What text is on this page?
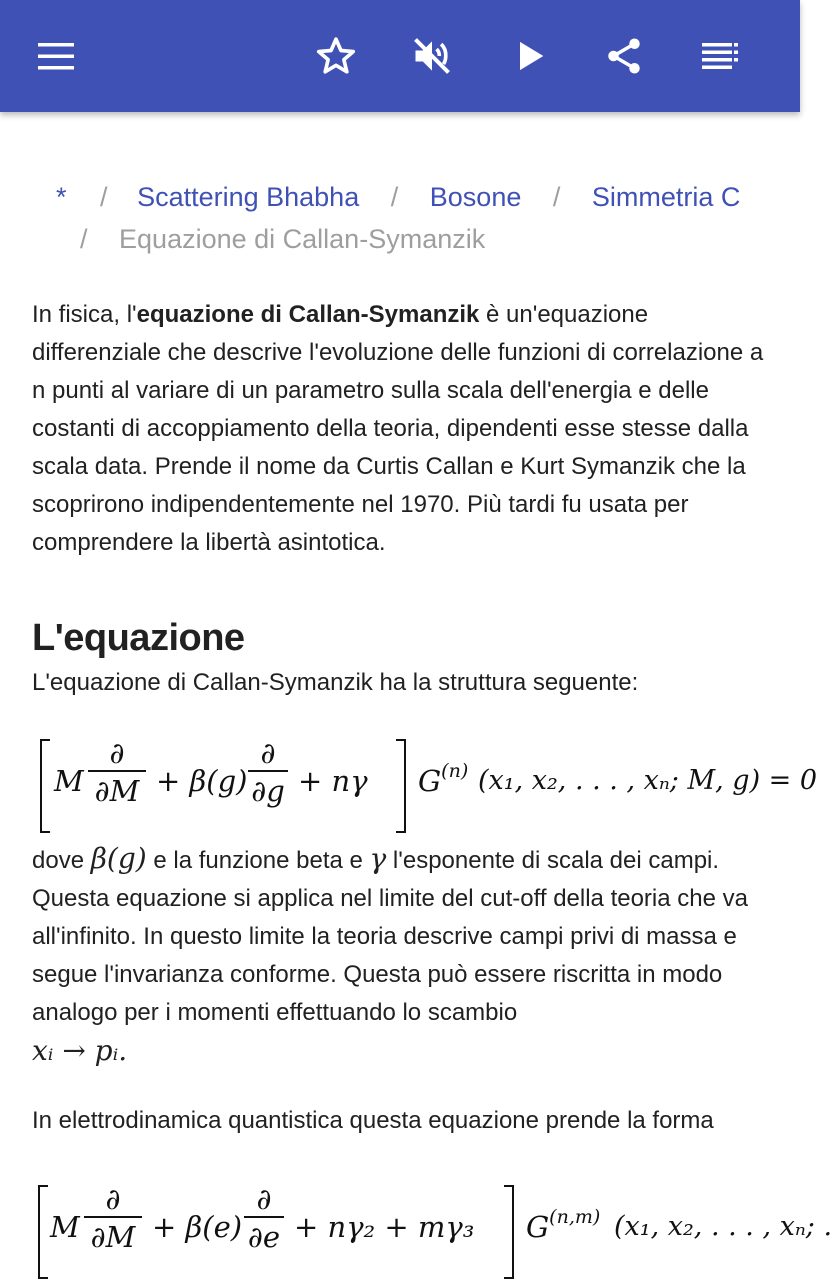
* / Scattering Bhabha / Bosone / Simmetria C
/ Equazione di Callan-Symanzik

In fisica, l'equazione di Callan-Symanzik è un'equazione differenziale che descrive l'evoluzione delle funzioni di correlazione a n punti al variare di un parametro sulla scala dell'energia e delle costanti di accoppiamento della teoria, dipendenti esse stesse dalla scala data. Prende il nome da Curtis Callan e Kurt Symanzik che la scoprirono indipendentemente nel 1970. Più tardi fu usata per comprendere la libertà asintotica.

L'equazione

L'equazione di Callan-Symanzik ha la struttura seguente:

M
∂
∂M + β(g)
∂
∂g + nγ $G^{(n)}$ (x₁, x₂, . . . , xₙ; M, g) = 0

dove β(g) e la funzione beta e γ l'esponente di scala dei campi. Questa equazione si applica nel limite del cut-off della teoria che va all'infinito. In questo limite la teoria descrive campi privi di massa e segue l'invarianza conforme. Questa può essere riscritta in modo analogo per i momenti effettuando lo scambio
xᵢ → pᵢ.

In elettrodinamica quantistica questa equazione prende la forma

M
∂
∂M + β(e)
∂
∂e + nγ₂ + mγ₃ G$^{(n,m)}$ (x₁, x₂, . . . , xₙ; .
